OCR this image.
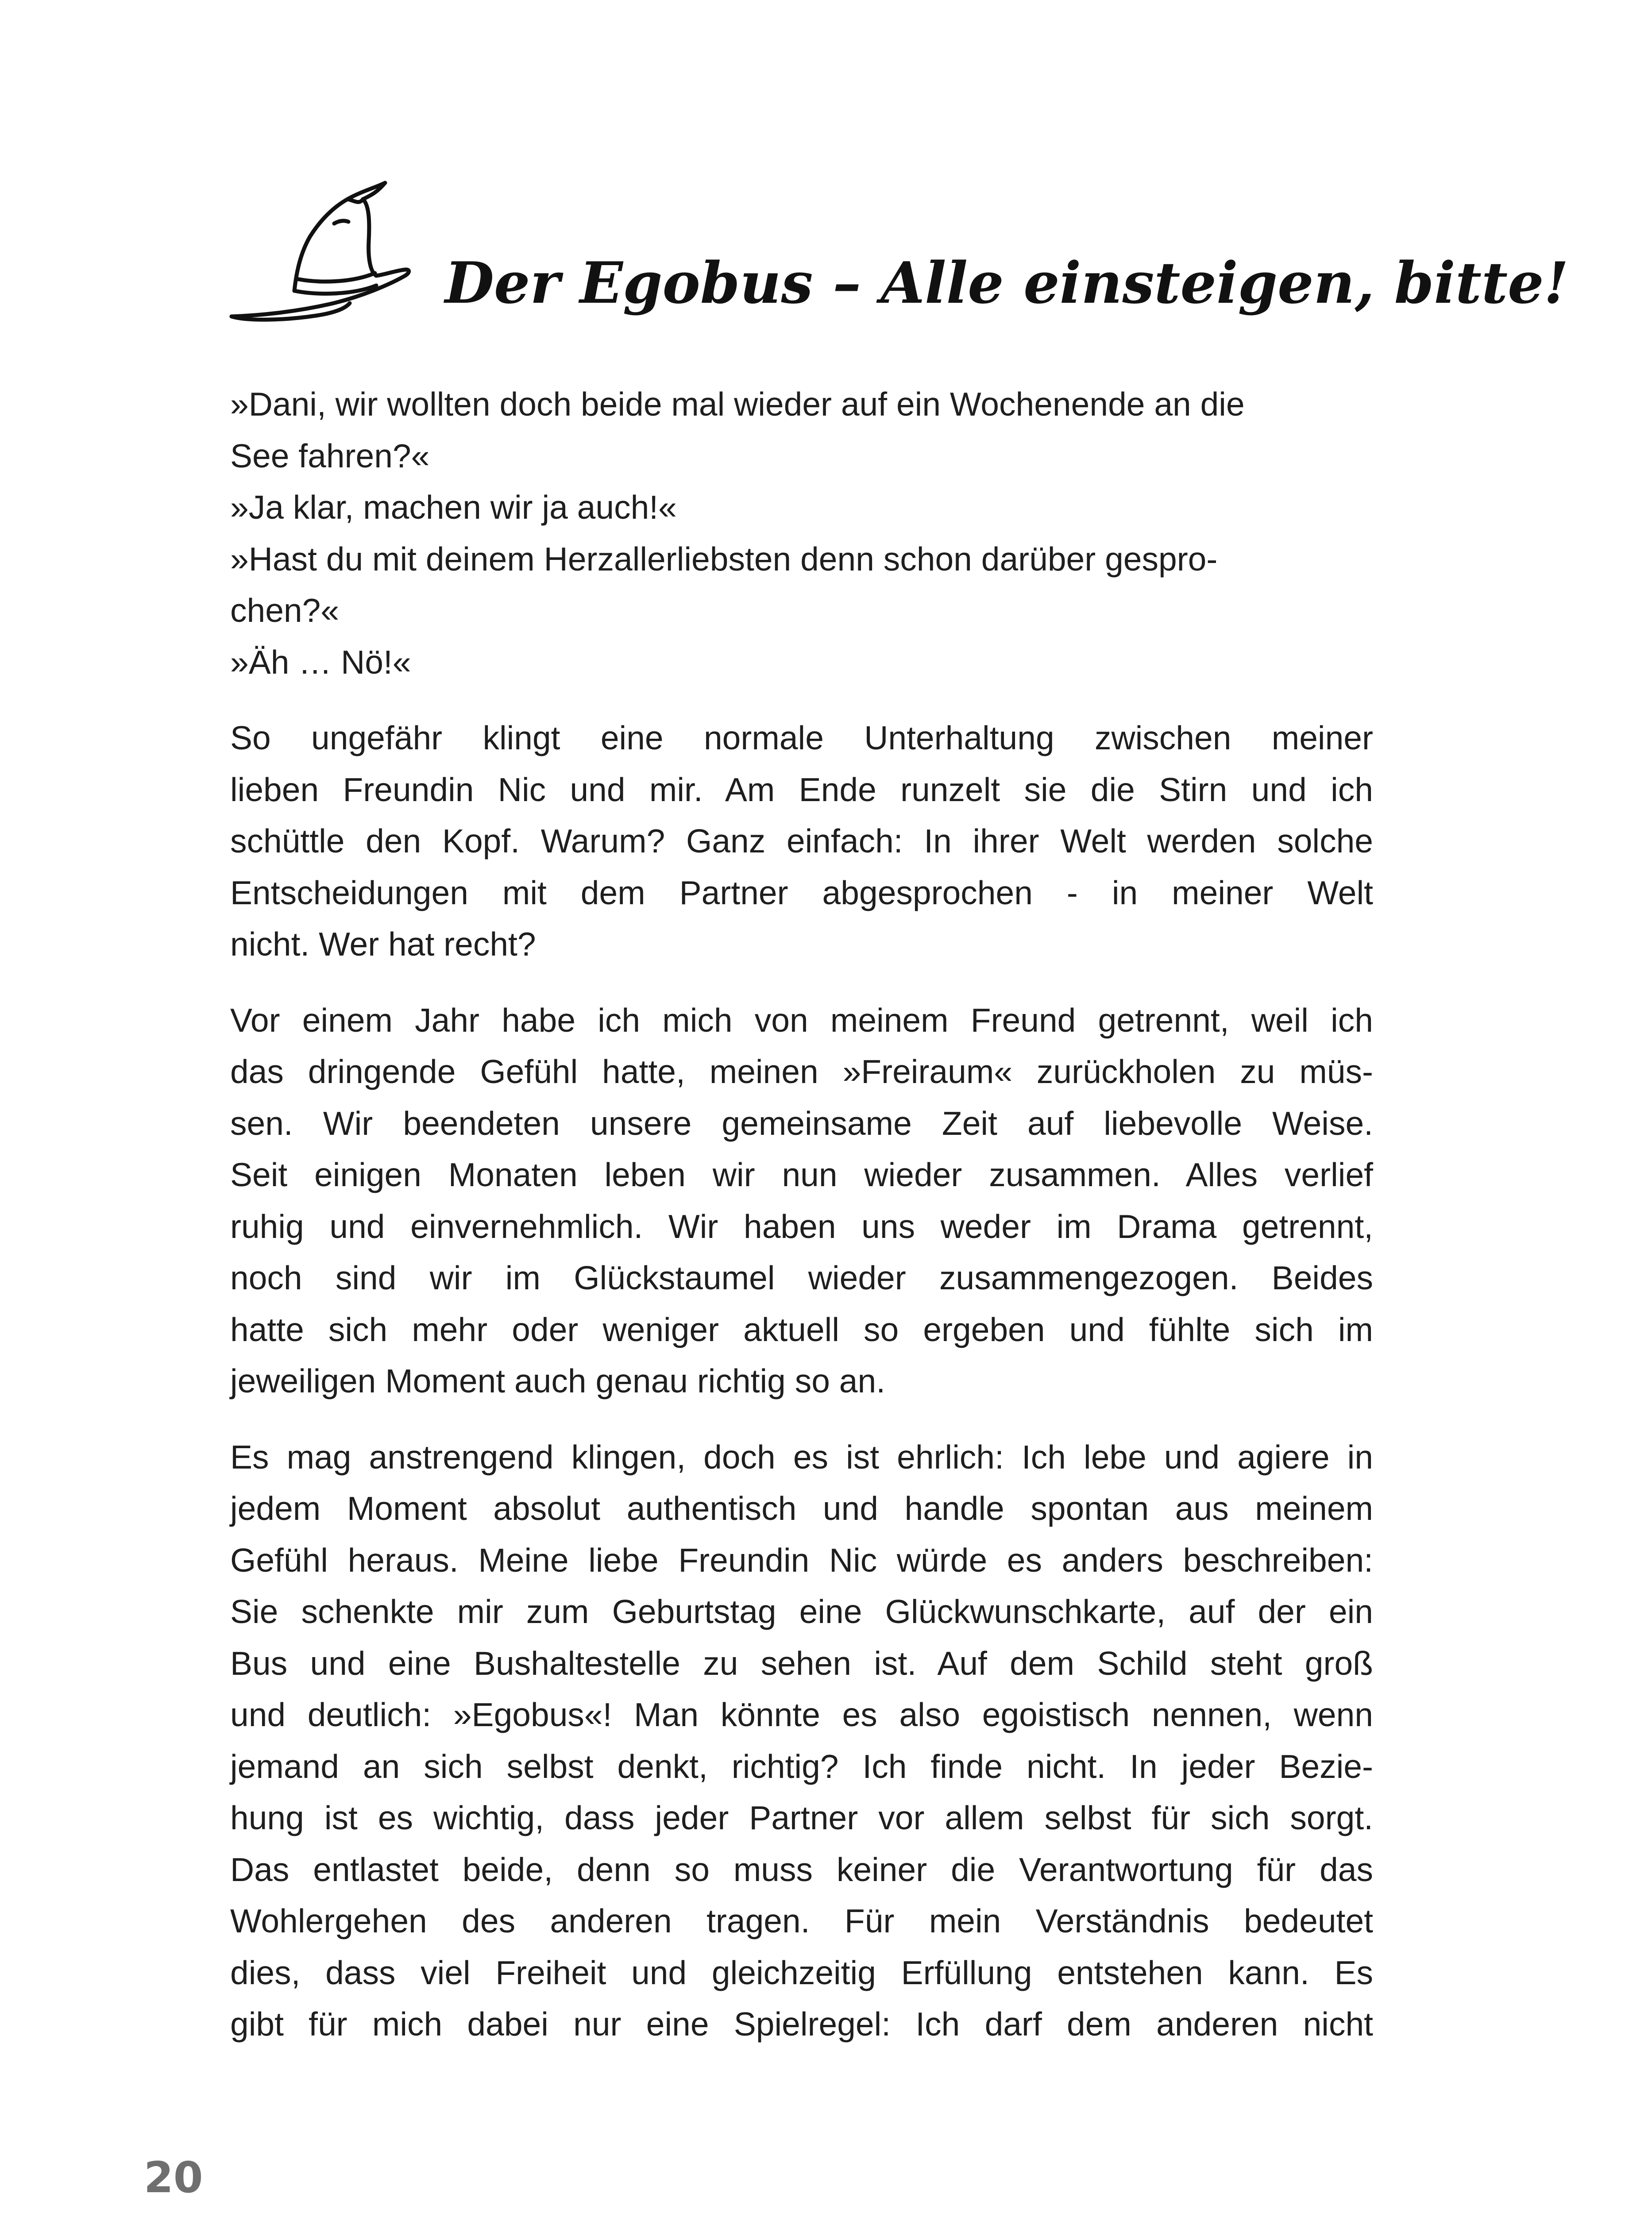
Der Egobus – Alle einsteigen, bitte!
»Dani, wir wollten doch beide mal wieder auf ein Wochenende an die
See fahren?«
»Ja klar, machen wir ja auch!«
»Hast du mit deinem Herzallerliebsten denn schon darüber gespro-
chen?«
»Äh … Nö!«
So ungefähr klingt eine normale Unterhaltung zwischen meiner
lieben Freundin Nic und mir. Am Ende runzelt sie die Stirn und ich
schüttle den Kopf. Warum? Ganz einfach: In ihrer Welt werden solche
Entscheidungen mit dem Partner abgesprochen - in meiner Welt
nicht. Wer hat recht?
Vor einem Jahr habe ich mich von meinem Freund getrennt, weil ich
das dringende Gefühl hatte, meinen »Freiraum« zurückholen zu müs-
sen. Wir beendeten unsere gemeinsame Zeit auf liebevolle Weise.
Seit einigen Monaten leben wir nun wieder zusammen. Alles verlief
ruhig und einvernehmlich. Wir haben uns weder im Drama getrennt,
noch sind wir im Glückstaumel wieder zusammengezogen. Beides
hatte sich mehr oder weniger aktuell so ergeben und fühlte sich im
jeweiligen Moment auch genau richtig so an.
Es mag anstrengend klingen, doch es ist ehrlich: Ich lebe und agiere in
jedem Moment absolut authentisch und handle spontan aus meinem
Gefühl heraus. Meine liebe Freundin Nic würde es anders beschreiben:
Sie schenkte mir zum Geburtstag eine Glückwunschkarte, auf der ein
Bus und eine Bushaltestelle zu sehen ist. Auf dem Schild steht groß
und deutlich: »Egobus«! Man könnte es also egoistisch nennen, wenn
jemand an sich selbst denkt, richtig? Ich finde nicht. In jeder Bezie-
hung ist es wichtig, dass jeder Partner vor allem selbst für sich sorgt.
Das entlastet beide, denn so muss keiner die Verantwortung für das
Wohlergehen des anderen tragen. Für mein Verständnis bedeutet
dies, dass viel Freiheit und gleichzeitig Erfüllung entstehen kann. Es
gibt für mich dabei nur eine Spielregel: Ich darf dem anderen nicht

20
